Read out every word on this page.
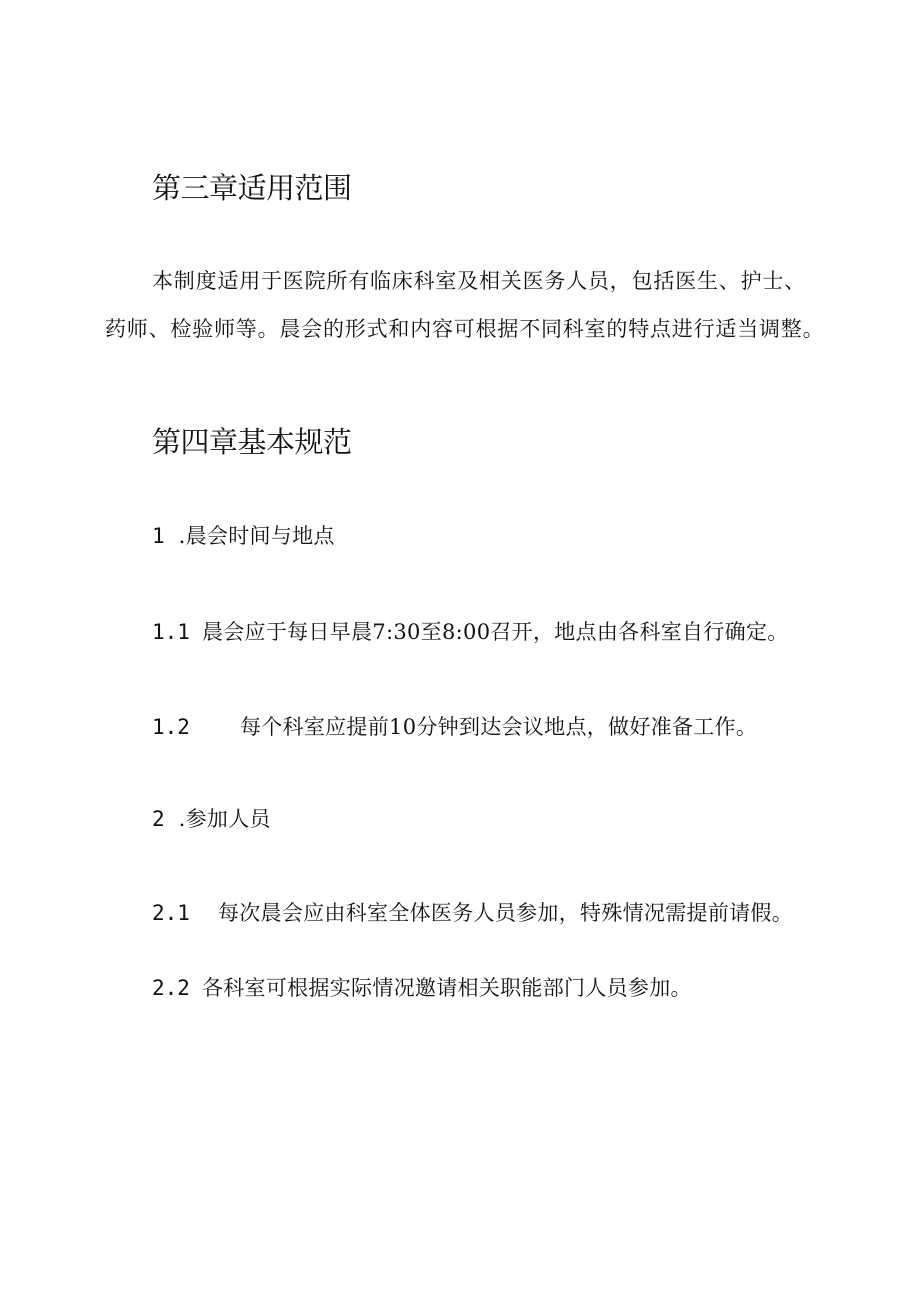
第三章适用范围

本制度适用于医院所有临床科室及相关医务人员，包括医生、护士、药师、检验师等。晨会的形式和内容可根据不同科室的特点进行适当调整。

第四章基本规范

1 .晨会时间与地点

1.1 晨会应于每日早晨7:30至8:00召开，地点由各科室自行确定。

1.2 每个科室应提前10分钟到达会议地点，做好准备工作。

2 .参加人员

2.1 每次晨会应由科室全体医务人员参加，特殊情况需提前请假。

2.2 各科室可根据实际情况邀请相关职能部门人员参加。
